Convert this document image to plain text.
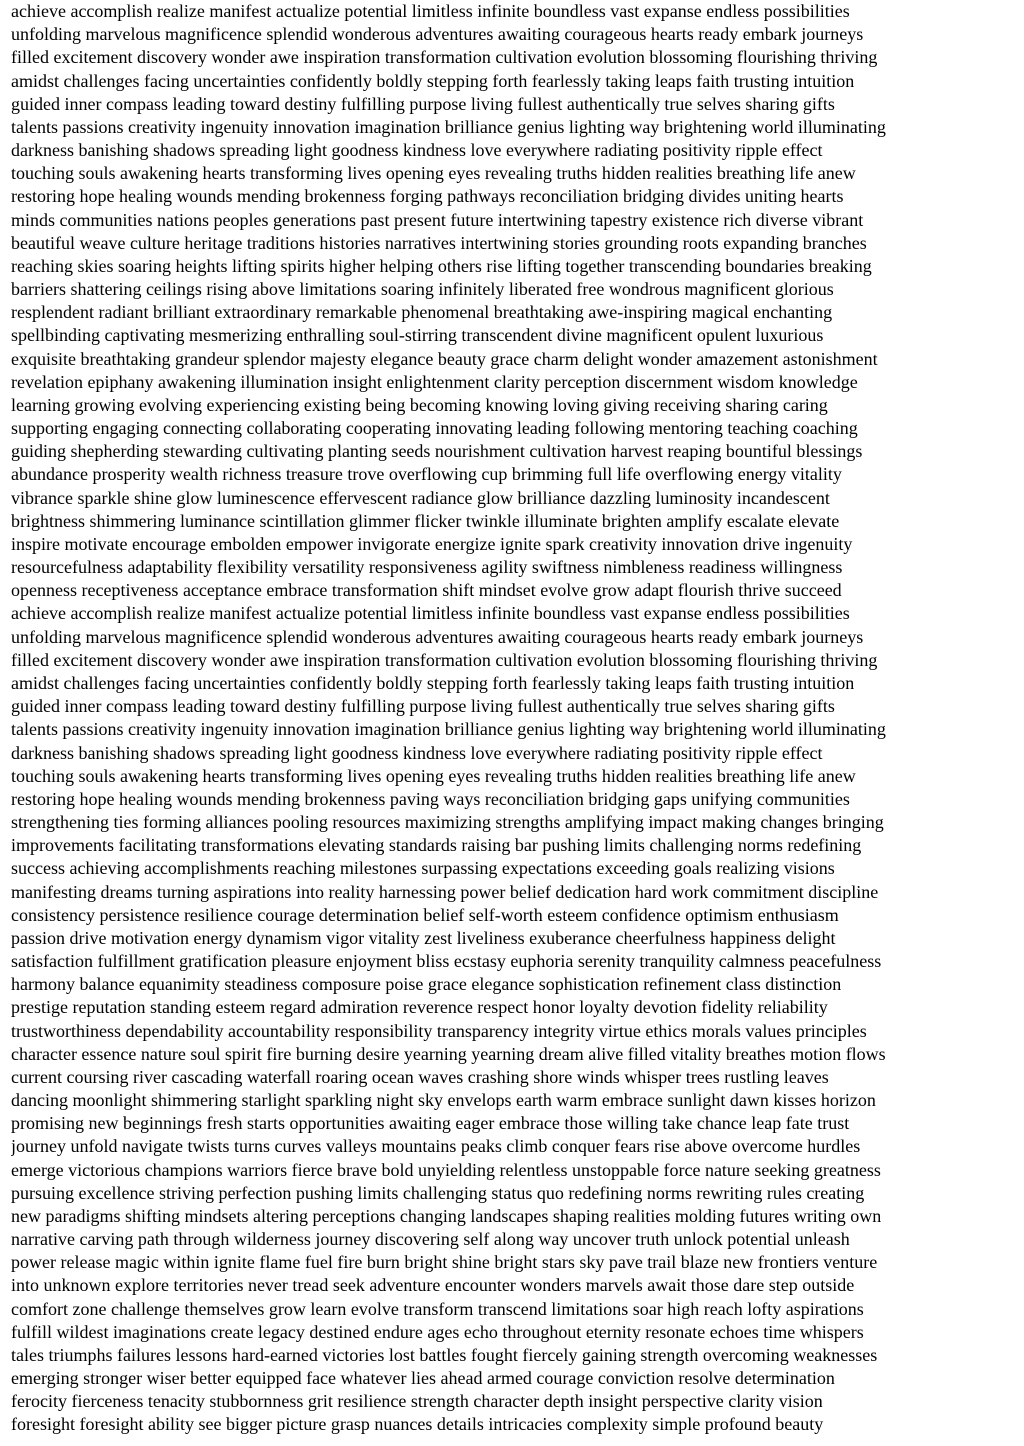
achieve accomplish realize manifest actualize potential limitless infinite boundless vast expanse endless possibilities
unfolding marvelous magnificence splendid wonderous adventures awaiting courageous hearts ready embark journeys
filled excitement discovery wonder awe inspiration transformation cultivation evolution blossoming flourishing thriving
amidst challenges facing uncertainties confidently boldly stepping forth fearlessly taking leaps faith trusting intuition
guided inner compass leading toward destiny fulfilling purpose living fullest authentically true selves sharing gifts
talents passions creativity ingenuity innovation imagination brilliance genius lighting way brightening world illuminating
darkness banishing shadows spreading light goodness kindness love everywhere radiating positivity ripple effect
touching souls awakening hearts transforming lives opening eyes revealing truths hidden realities breathing life anew
restoring hope healing wounds mending brokenness forging pathways reconciliation bridging divides uniting hearts
minds communities nations peoples generations past present future intertwining tapestry existence rich diverse vibrant
beautiful weave culture heritage traditions histories narratives intertwining stories grounding roots expanding branches
reaching skies soaring heights lifting spirits higher helping others rise lifting together transcending boundaries breaking
barriers shattering ceilings rising above limitations soaring infinitely liberated free wondrous magnificent glorious
resplendent radiant brilliant extraordinary remarkable phenomenal breathtaking awe-inspiring magical enchanting
spellbinding captivating mesmerizing enthralling soul-stirring transcendent divine magnificent opulent luxurious
exquisite breathtaking grandeur splendor majesty elegance beauty grace charm delight wonder amazement astonishment
revelation epiphany awakening illumination insight enlightenment clarity perception discernment wisdom knowledge
learning growing evolving experiencing existing being becoming knowing loving giving receiving sharing caring
supporting engaging connecting collaborating cooperating innovating leading following mentoring teaching coaching
guiding shepherding stewarding cultivating planting seeds nourishment cultivation harvest reaping bountiful blessings
abundance prosperity wealth richness treasure trove overflowing cup brimming full life overflowing energy vitality
vibrance sparkle shine glow luminescence effervescent radiance glow brilliance dazzling luminosity incandescent
brightness shimmering luminance scintillation glimmer flicker twinkle illuminate brighten amplify escalate elevate
inspire motivate encourage embolden empower invigorate energize ignite spark creativity innovation drive ingenuity
resourcefulness adaptability flexibility versatility responsiveness agility swiftness nimbleness readiness willingness
openness receptiveness acceptance embrace transformation shift mindset evolve grow adapt flourish thrive succeed
achieve accomplish realize manifest actualize potential limitless infinite boundless vast expanse endless possibilities
unfolding marvelous magnificence splendid wonderous adventures awaiting courageous hearts ready embark journeys
filled excitement discovery wonder awe inspiration transformation cultivation evolution blossoming flourishing thriving
amidst challenges facing uncertainties confidently boldly stepping forth fearlessly taking leaps faith trusting intuition
guided inner compass leading toward destiny fulfilling purpose living fullest authentically true selves sharing gifts
talents passions creativity ingenuity innovation imagination brilliance genius lighting way brightening world illuminating
darkness banishing shadows spreading light goodness kindness love everywhere radiating positivity ripple effect
touching souls awakening hearts transforming lives opening eyes revealing truths hidden realities breathing life anew
restoring hope healing wounds mending brokenness paving ways reconciliation bridging gaps unifying communities
strengthening ties forming alliances pooling resources maximizing strengths amplifying impact making changes bringing
improvements facilitating transformations elevating standards raising bar pushing limits challenging norms redefining
success achieving accomplishments reaching milestones surpassing expectations exceeding goals realizing visions
manifesting dreams turning aspirations into reality harnessing power belief dedication hard work commitment discipline
consistency persistence resilience courage determination belief self-worth esteem confidence optimism enthusiasm
passion drive motivation energy dynamism vigor vitality zest liveliness exuberance cheerfulness happiness delight
satisfaction fulfillment gratification pleasure enjoyment bliss ecstasy euphoria serenity tranquility calmness peacefulness
harmony balance equanimity steadiness composure poise grace elegance sophistication refinement class distinction
prestige reputation standing esteem regard admiration reverence respect honor loyalty devotion fidelity reliability
trustworthiness dependability accountability responsibility transparency integrity virtue ethics morals values principles
character essence nature soul spirit fire burning desire yearning yearning dream alive filled vitality breathes motion flows
current coursing river cascading waterfall roaring ocean waves crashing shore winds whisper trees rustling leaves
dancing moonlight shimmering starlight sparkling night sky envelops earth warm embrace sunlight dawn kisses horizon
promising new beginnings fresh starts opportunities awaiting eager embrace those willing take chance leap fate trust
journey unfold navigate twists turns curves valleys mountains peaks climb conquer fears rise above overcome hurdles
emerge victorious champions warriors fierce brave bold unyielding relentless unstoppable force nature seeking greatness
pursuing excellence striving perfection pushing limits challenging status quo redefining norms rewriting rules creating
new paradigms shifting mindsets altering perceptions changing landscapes shaping realities molding futures writing own
narrative carving path through wilderness journey discovering self along way uncover truth unlock potential unleash
power release magic within ignite flame fuel fire burn bright shine bright stars sky pave trail blaze new frontiers venture
into unknown explore territories never tread seek adventure encounter wonders marvels await those dare step outside
comfort zone challenge themselves grow learn evolve transform transcend limitations soar high reach lofty aspirations
fulfill wildest imaginations create legacy destined endure ages echo throughout eternity resonate echoes time whispers
tales triumphs failures lessons hard-earned victories lost battles fought fiercely gaining strength overcoming weaknesses
emerging stronger wiser better equipped face whatever lies ahead armed courage conviction resolve determination
ferocity fierceness tenacity stubbornness grit resilience strength character depth insight perspective clarity vision
foresight foresight ability see bigger picture grasp nuances details intricacies complexity simple profound beauty
